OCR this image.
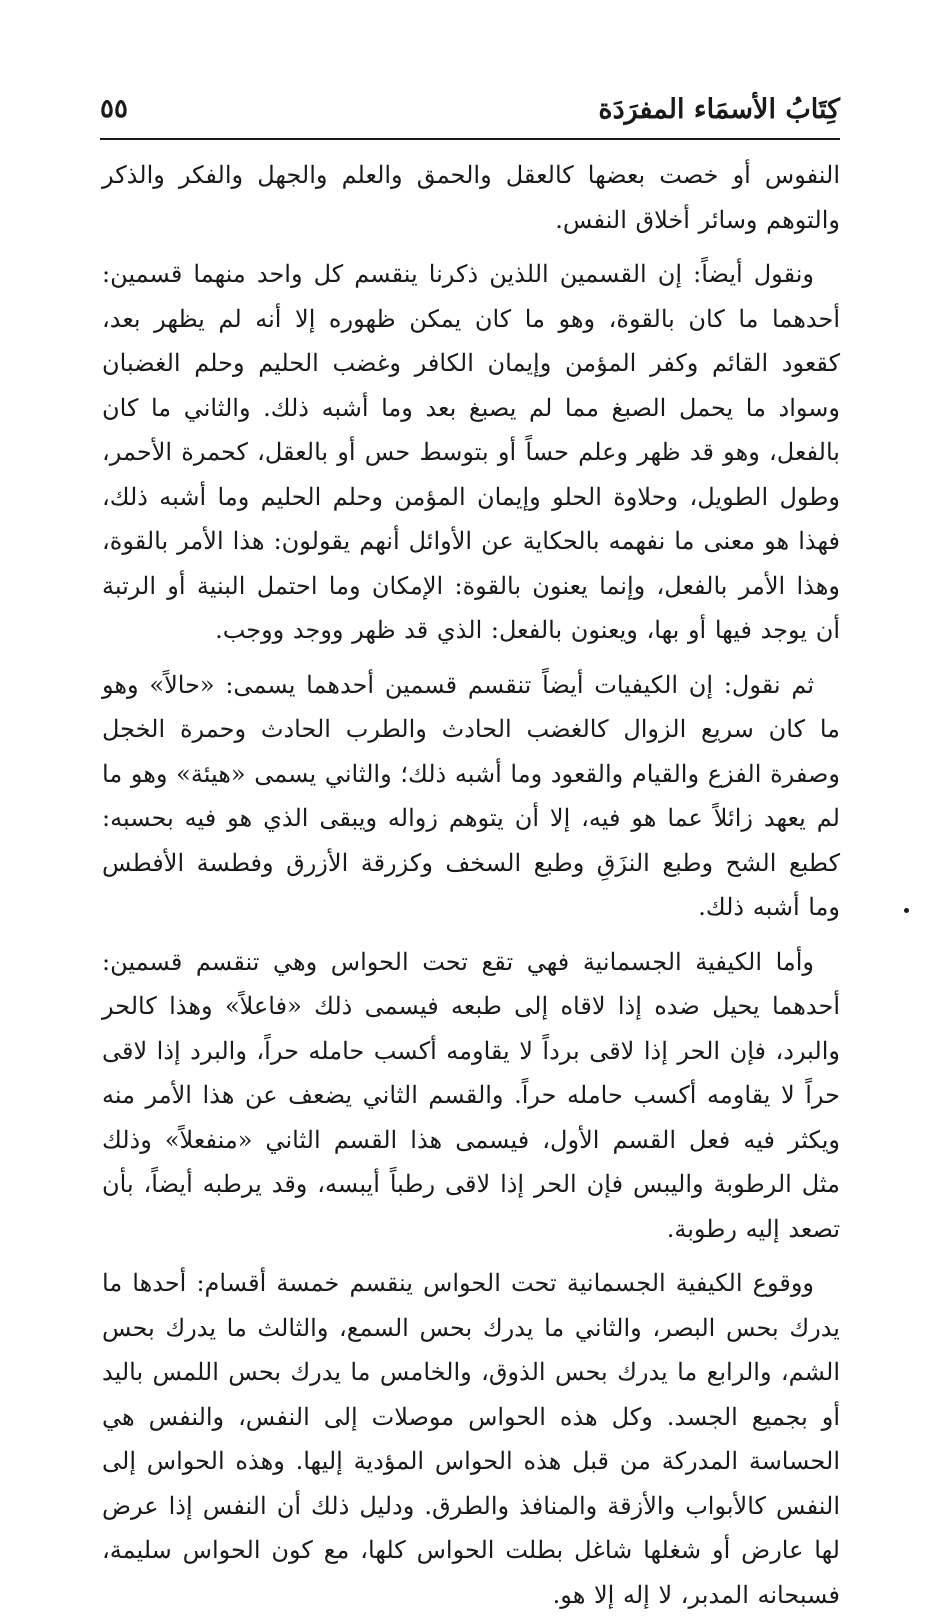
كِتَابُ الأسمَاء المفرَدَة
٥٥

النفوس أو خصت بعضها كالعقل والحمق والعلم والجهل والفكر والذكر والتوهم وسائر أخلاق النفس.

ونقول أيضاً: إن القسمين اللذين ذكرنا ينقسم كل واحد منهما قسمين: أحدهما ما كان بالقوة، وهو ما كان يمكن ظهوره إلا أنه لم يظهر بعد، كقعود القائم وكفر المؤمن وإيمان الكافر وغضب الحليم وحلم الغضبان وسواد ما يحمل الصبغ مما لم يصبغ بعد وما أشبه ذلك. والثاني ما كان بالفعل، وهو قد ظهر وعلم حساً أو بتوسط حس أو بالعقل، كحمرة الأحمر، وطول الطويل، وحلاوة الحلو وإيمان المؤمن وحلم الحليم وما أشبه ذلك، فهذا هو معنى ما نفهمه بالحكاية عن الأوائل أنهم يقولون: هذا الأمر بالقوة، وهذا الأمر بالفعل، وإنما يعنون بالقوة: الإمكان وما احتمل البنية أو الرتبة أن يوجد فيها أو بها، ويعنون بالفعل: الذي قد ظهر ووجد ووجب.

ثم نقول: إن الكيفيات أيضاً تنقسم قسمين أحدهما يسمى: «حالاً» وهو ما كان سريع الزوال كالغضب الحادث والطرب الحادث وحمرة الخجل وصفرة الفزع والقيام والقعود وما أشبه ذلك؛ والثاني يسمى «هيئة» وهو ما لم يعهد زائلاً عما هو فيه، إلا أن يتوهم زواله ويبقى الذي هو فيه بحسبه: كطبع الشح وطبع النزَقِ وطبع السخف وكزرقة الأزرق وفطسة الأفطس وما أشبه ذلك.

وأما الكيفية الجسمانية فهي تقع تحت الحواس وهي تنقسم قسمين: أحدهما يحيل ضده إذا لاقاه إلى طبعه فيسمى ذلك «فاعلاً» وهذا كالحر والبرد، فإن الحر إذا لاقى برداً لا يقاومه أكسب حامله حراً، والبرد إذا لاقى حراً لا يقاومه أكسب حامله حراً. والقسم الثاني يضعف عن هذا الأمر منه ويكثر فيه فعل القسم الأول، فيسمى هذا القسم الثاني «منفعلاً» وذلك مثل الرطوبة واليبس فإن الحر إذا لاقى رطباً أيبسه، وقد يرطبه أيضاً، بأن تصعد إليه رطوبة.

ووقوع الكيفية الجسمانية تحت الحواس ينقسم خمسة أقسام: أحدها ما يدرك بحس البصر، والثاني ما يدرك بحس السمع، والثالث ما يدرك بحس الشم، والرابع ما يدرك بحس الذوق، والخامس ما يدرك بحس اللمس باليد أو بجميع الجسد. وكل هذه الحواس موصلات إلى النفس، والنفس هي الحساسة المدركة من قبل هذه الحواس المؤدية إليها. وهذه الحواس إلى النفس كالأبواب والأزقة والمنافذ والطرق. ودليل ذلك أن النفس إذا عرض لها عارض أو شغلها شاغل بطلت الحواس كلها، مع كون الحواس سليمة، فسبحانه المدبر، لا إله إلا هو.
